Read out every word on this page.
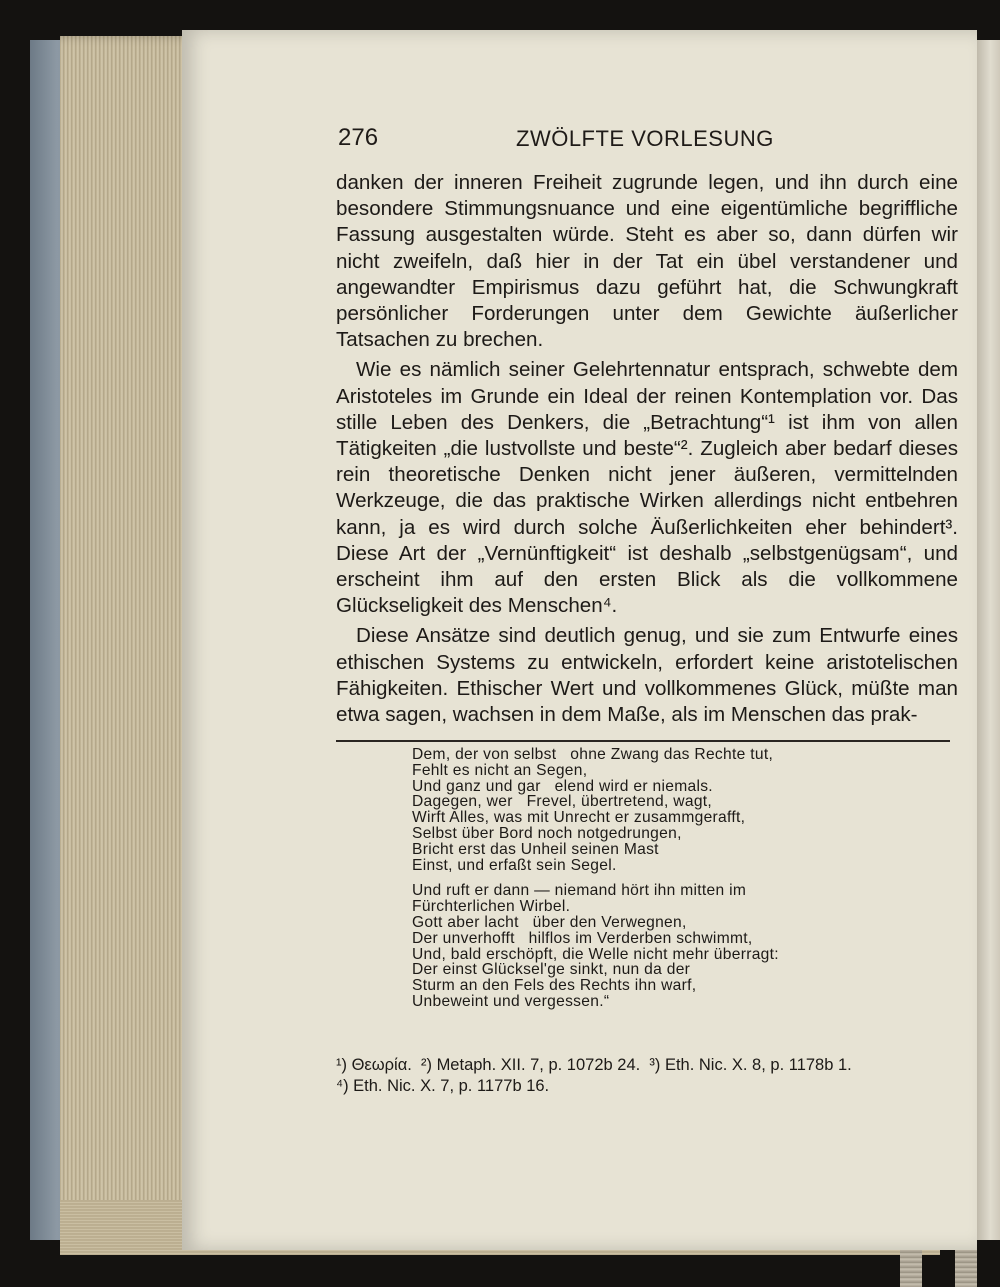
276	ZWÖLFTE VORLESUNG

danken der inneren Freiheit zugrunde legen, und ihn durch eine besondere Stimmungsnuance und eine eigentümliche begriffliche Fassung ausgestalten würde. Steht es aber so, dann dürfen wir nicht zweifeln, daß hier in der Tat ein übel verstandener und angewandter Empirismus dazu geführt hat, die Schwungkraft persönlicher Forderungen unter dem Gewichte äußerlicher Tatsachen zu brechen.

Wie es nämlich seiner Gelehrtennatur entsprach, schwebte dem Aristoteles im Grunde ein Ideal der reinen Kontemplation vor. Das stille Leben des Denkers, die „Betrachtung“¹ ist ihm von allen Tätigkeiten „die lustvollste und beste“². Zugleich aber bedarf dieses rein theoretische Denken nicht jener äußeren, vermittelnden Werkzeuge, die das praktische Wirken allerdings nicht entbehren kann, ja es wird durch solche Äußerlichkeiten eher behindert³. Diese Art der „Vernünftigkeit“ ist deshalb „selbstgenügsam“, und erscheint ihm auf den ersten Blick als die vollkommene Glückseligkeit des Menschen⁴.

Diese Ansätze sind deutlich genug, und sie zum Entwurfe eines ethischen Systems zu entwickeln, erfordert keine aristotelischen Fähigkeiten. Ethischer Wert und vollkommenes Glück, müßte man etwa sagen, wachsen in dem Maße, als im Menschen das prak-

Dem, der von selbst   ohne Zwang das Rechte tut,
Fehlt es nicht an Segen,
Und ganz und gar   elend wird er niemals.
Dagegen, wer   Frevel, übertretend, wagt,
Wirft Alles, was mit Unrecht er zusammgerafft,
Selbst über Bord noch notgedrungen,
Bricht erst das Unheil seinen Mast
Einst, und erfaßt sein Segel.
Und ruft er dann — niemand hört ihn mitten im
Fürchterlichen Wirbel.
Gott aber lacht   über den Verwegnen,
Der unverhofft   hilflos im Verderben schwimmt,
Und, bald erschöpft, die Welle nicht mehr überragt:
Der einst Glücksel'ge sinkt, nun da der
Sturm an den Fels des Rechts ihn warf,
Unbeweint und vergessen.“
¹) Θεωρία.  ²) Metaph. XII. 7, p. 1072b 24.  ³) Eth. Nic. X. 8, p. 1178b 1.
⁴) Eth. Nic. X. 7, p. 1177b 16.
